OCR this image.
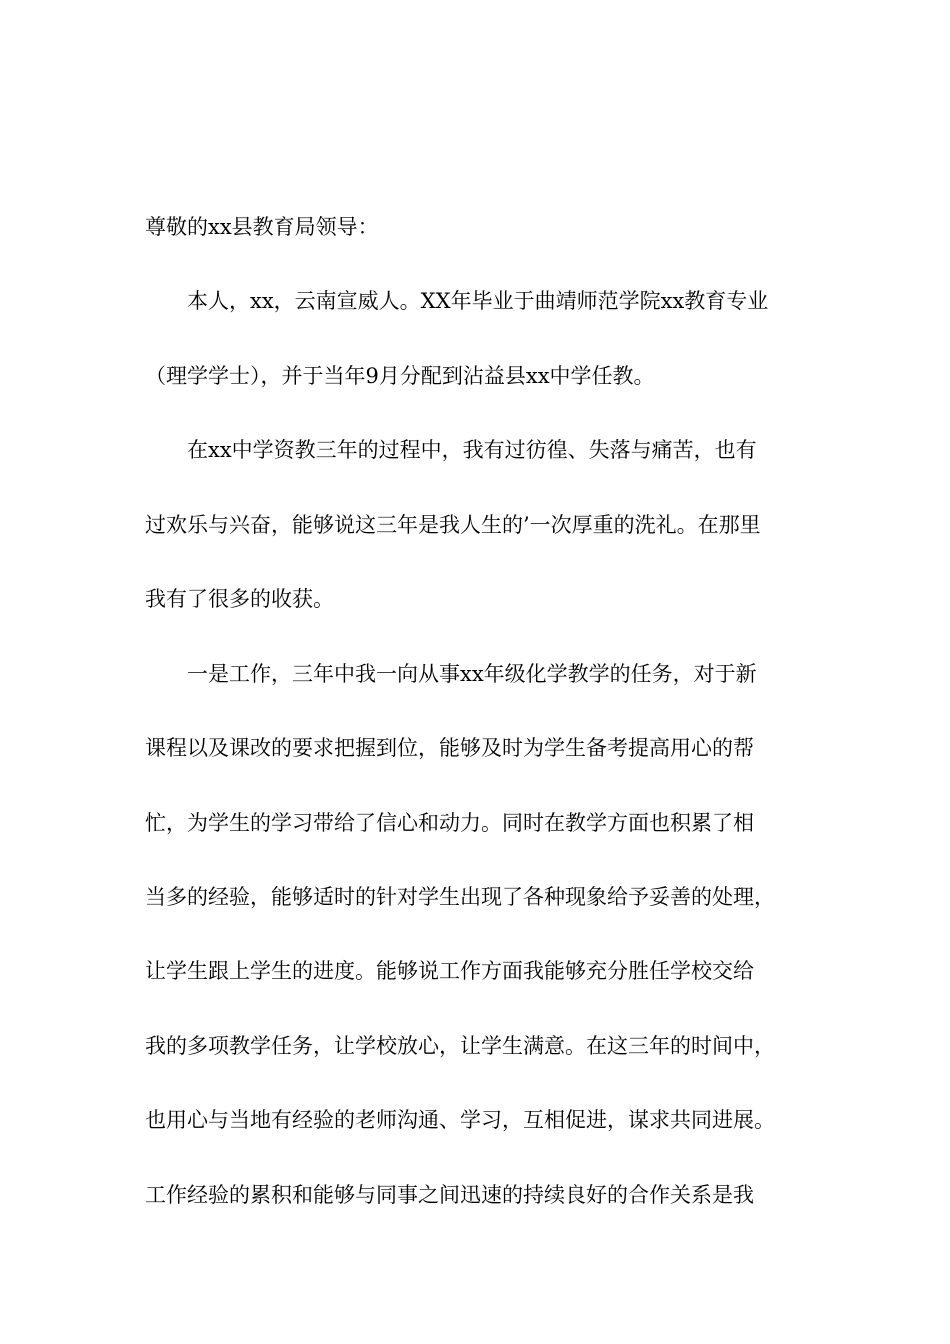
尊敬的xx县教育局领导：

本人，xx，云南宣威人。XX年毕业于曲靖师范学院xx教育专业

（理学学士），并于当年9月分配到沾益县xx中学任教。

在xx中学资教三年的过程中，我有过彷徨、失落与痛苦，也有

过欢乐与兴奋，能够说这三年是我人生的’一次厚重的洗礼。在那里

我有了很多的收获。

一是工作，三年中我一向从事xx年级化学教学的任务，对于新

课程以及课改的要求把握到位，能够及时为学生备考提高用心的帮

忙，为学生的学习带给了信心和动力。同时在教学方面也积累了相

当多的经验，能够适时的针对学生出现了各种现象给予妥善的处理，

让学生跟上学生的进度。能够说工作方面我能够充分胜任学校交给

我的多项教学任务，让学校放心，让学生满意。在这三年的时间中，

也用心与当地有经验的老师沟通、学习，互相促进，谋求共同进展。

工作经验的累积和能够与同事之间迅速的持续良好的合作关系是我
